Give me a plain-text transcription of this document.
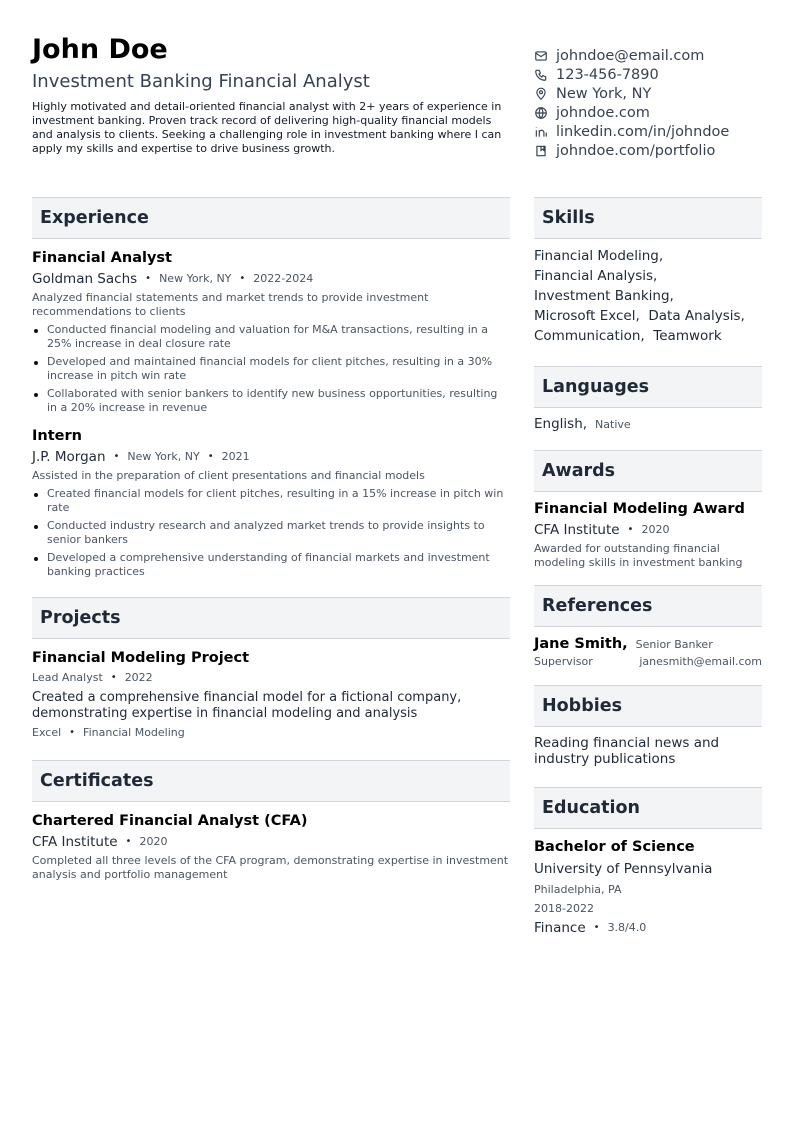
John Doe
Investment Banking Financial Analyst
Highly motivated and detail-oriented financial analyst with 2+ years of experience in investment banking. Proven track record of delivering high-quality financial models and analysis to clients. Seeking a challenging role in investment banking where I can apply my skills and expertise to drive business growth.
johndoe@email.com
123-456-7890
New York, NY
johndoe.com
linkedin.com/in/johndoe
johndoe.com/portfolio
Experience
Financial Analyst
Goldman Sachs • New York, NY • 2022-2024
Analyzed financial statements and market trends to provide investment recommendations to clients
Conducted financial modeling and valuation for M&A transactions, resulting in a 25% increase in deal closure rate
Developed and maintained financial models for client pitches, resulting in a 30% increase in pitch win rate
Collaborated with senior bankers to identify new business opportunities, resulting in a 20% increase in revenue
Intern
J.P. Morgan • New York, NY • 2021
Assisted in the preparation of client presentations and financial models
Created financial models for client pitches, resulting in a 15% increase in pitch win rate
Conducted industry research and analyzed market trends to provide insights to senior bankers
Developed a comprehensive understanding of financial markets and investment banking practices
Projects
Financial Modeling Project
Lead Analyst • 2022
Created a comprehensive financial model for a fictional company, demonstrating expertise in financial modeling and analysis
Excel • Financial Modeling
Certificates
Chartered Financial Analyst (CFA)
CFA Institute • 2020
Completed all three levels of the CFA program, demonstrating expertise in investment analysis and portfolio management
Skills
Financial Modeling,
Financial Analysis,
Investment Banking,
Microsoft Excel, Data Analysis,
Communication, Teamwork
Languages
English, Native
Awards
Financial Modeling Award
CFA Institute • 2020
Awarded for outstanding financial modeling skills in investment banking
References
Jane Smith, Senior Banker
Supervisor	janesmith@email.com
Hobbies
Reading financial news and industry publications
Education
Bachelor of Science
University of Pennsylvania
Philadelphia, PA
2018-2022
Finance • 3.8/4.0
